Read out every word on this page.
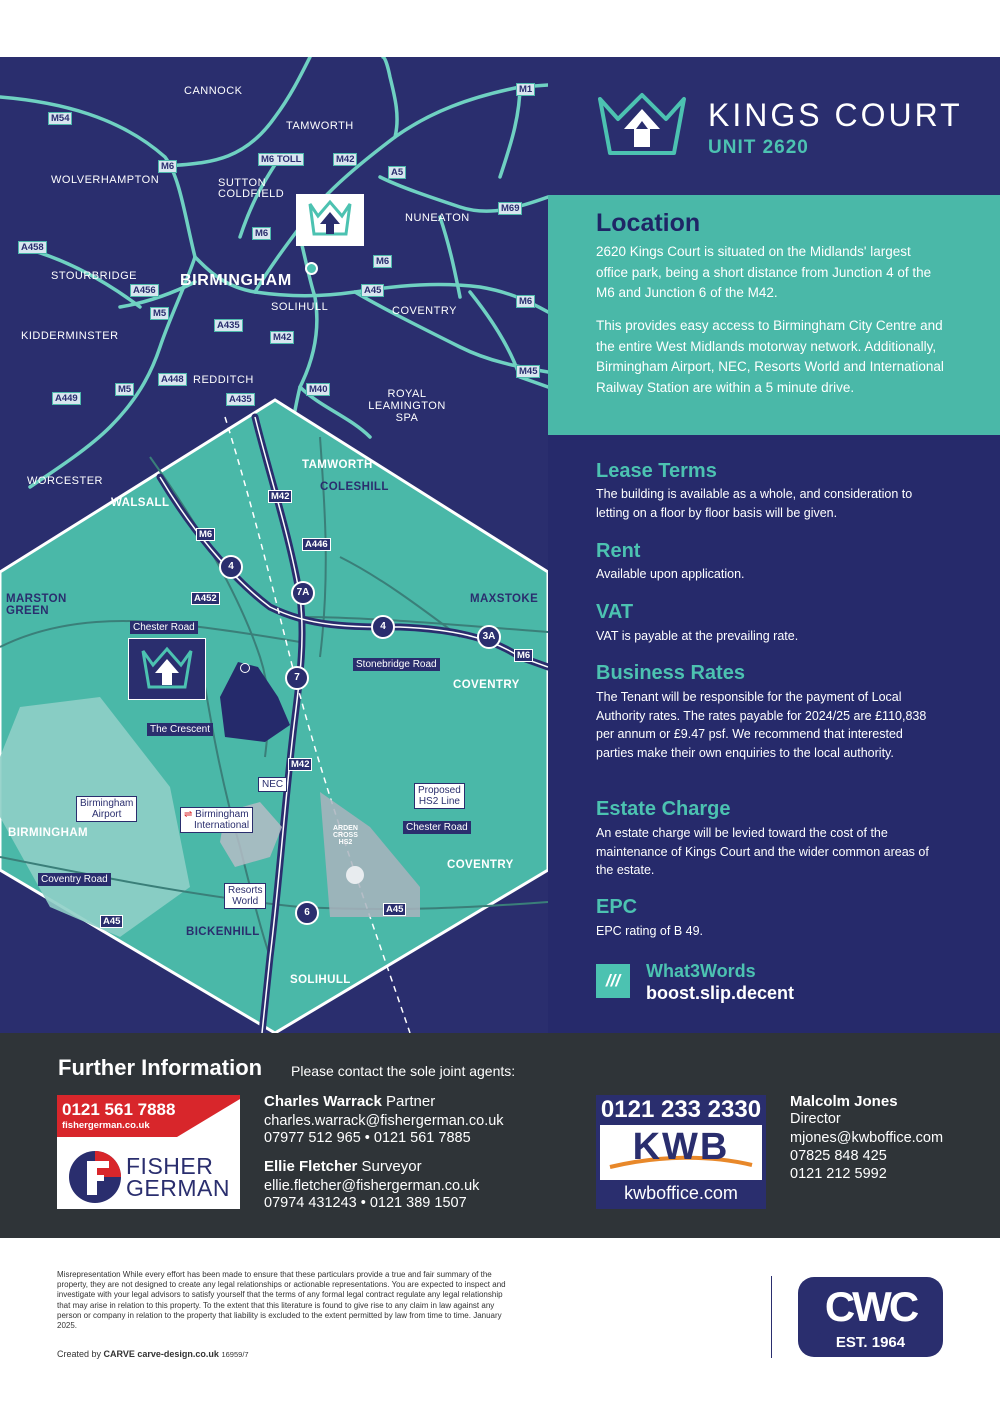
CANNOCK
TAMWORTH
WOLVERHAMPTON	SUTTON COLDFIELD
NUNEATON
STOURBRIDGE	BIRMINGHAM
SOLIHULL	COVENTRY
KIDDERMINSTER
REDDITCH
ROYAL LEAMINGTON SPA
WORCESTER
M54
M6
M6 TOLL	M42
A5
M1
M69
M6
A458
A456
M6
A45
M5
A435
M42
M6
A448
M5
A449	A435
M40
M45
TAMWORTH
COLESHILL
WALSALL
MARSTON GREEN
MAXSTOKE
COVENTRY
BIRMINGHAM
COVENTRY
BICKENHILL
SOLIHULL
M42
M6
A446
A452
M6
M42
A45
A45
4
7A
4
3A
7
6
Chester Road
Stonebridge Road
The Crescent
NEC
Proposed
HS2 Line
Chester Road
Birmingham
Airport	⇌ Birmingham
International	ARDEN
CROSS
HS2
Resorts
World
Coventry Road
KINGS COURT
UNIT 2620
Location

2620 Kings Court is situated on the Midlands' largest office park, being a short distance from Junction 4 of the M6 and Junction 6 of the M42.

This provides easy access to Birmingham City Centre and the entire West Midlands motorway network. Additionally, Birmingham Airport, NEC, Resorts World and International Railway Station are within a 5 minute drive.

Lease Terms

The building is available as a whole, and consideration to letting on a floor by floor basis will be given.

Rent

Available upon application.

VAT

VAT is payable at the prevailing rate.

Business Rates

The Tenant will be responsible for the payment of Local Authority rates. The rates payable for 2024/25 are £110,838 per annum or £9.47 psf. We recommend that interested parties make their own enquiries to the local authority.

Estate Charge

An estate charge will be levied toward the cost of the maintenance of Kings Court and the wider common areas of the estate.

EPC

EPC rating of B 49.

///	What3Words
boost.slip.decent
Further Information Please contact the sole joint agents:
0121 561 7888
fishergerman.co.uk
FISHER
GERMAN
Charles Warrack Partner
charles.warrack@fishergerman.co.uk
07977 512 965 • 0121 561 7885
Ellie Fletcher Surveyor
ellie.fletcher@fishergerman.co.uk
07974 431243 • 0121 389 1507
0121 233 2330
KWB
kwboffice.com
Malcolm Jones
Director
mjones@kwboffice.com
07825 848 425
0121 212 5992
Misrepresentation While every effort has been made to ensure that these particulars provide a true and fair summary of the property, they are not designed to create any legal relationships or actionable representations. You are expected to inspect and investigate with your legal advisors to satisfy yourself that the terms of any formal legal contract regulate any legal relationship that may arise in relation to this property. To the extent that this literature is found to give rise to any claim in law against any person or company in relation to the property that liability is excluded to the extent permitted by law from time to time. January 2025.
Created by CARVE carve-design.co.uk 16959/7
CWC
EST. 1964
